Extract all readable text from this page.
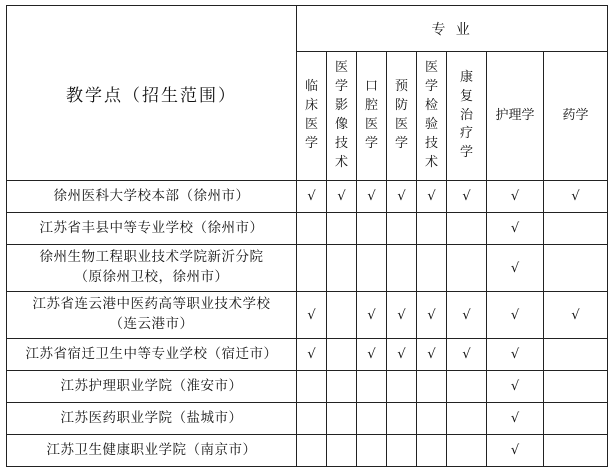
教学点（招生范围）	专 业							
	临床医学	医学影像技术	口腔医学	预防医学	医学检验技术	康复治疗学	护理学	药学

徐州医科大学校本部（徐州市）	√	√	√	√	√	√	√	√

江苏省丰县中等专业学校（徐州市）							√	

徐州生物工程职业技术学院新沂分院
（原徐州卫校，徐州市）							√	

江苏省连云港中医药高等职业技术学校
（连云港市）	√		√	√	√	√	√	√

江苏省宿迁卫生中等专业学校（宿迁市）	√		√	√	√	√	√	

江苏护理职业学院（淮安市）							√	

江苏医药职业学院（盐城市）							√	

江苏卫生健康职业学院（南京市）							√	
